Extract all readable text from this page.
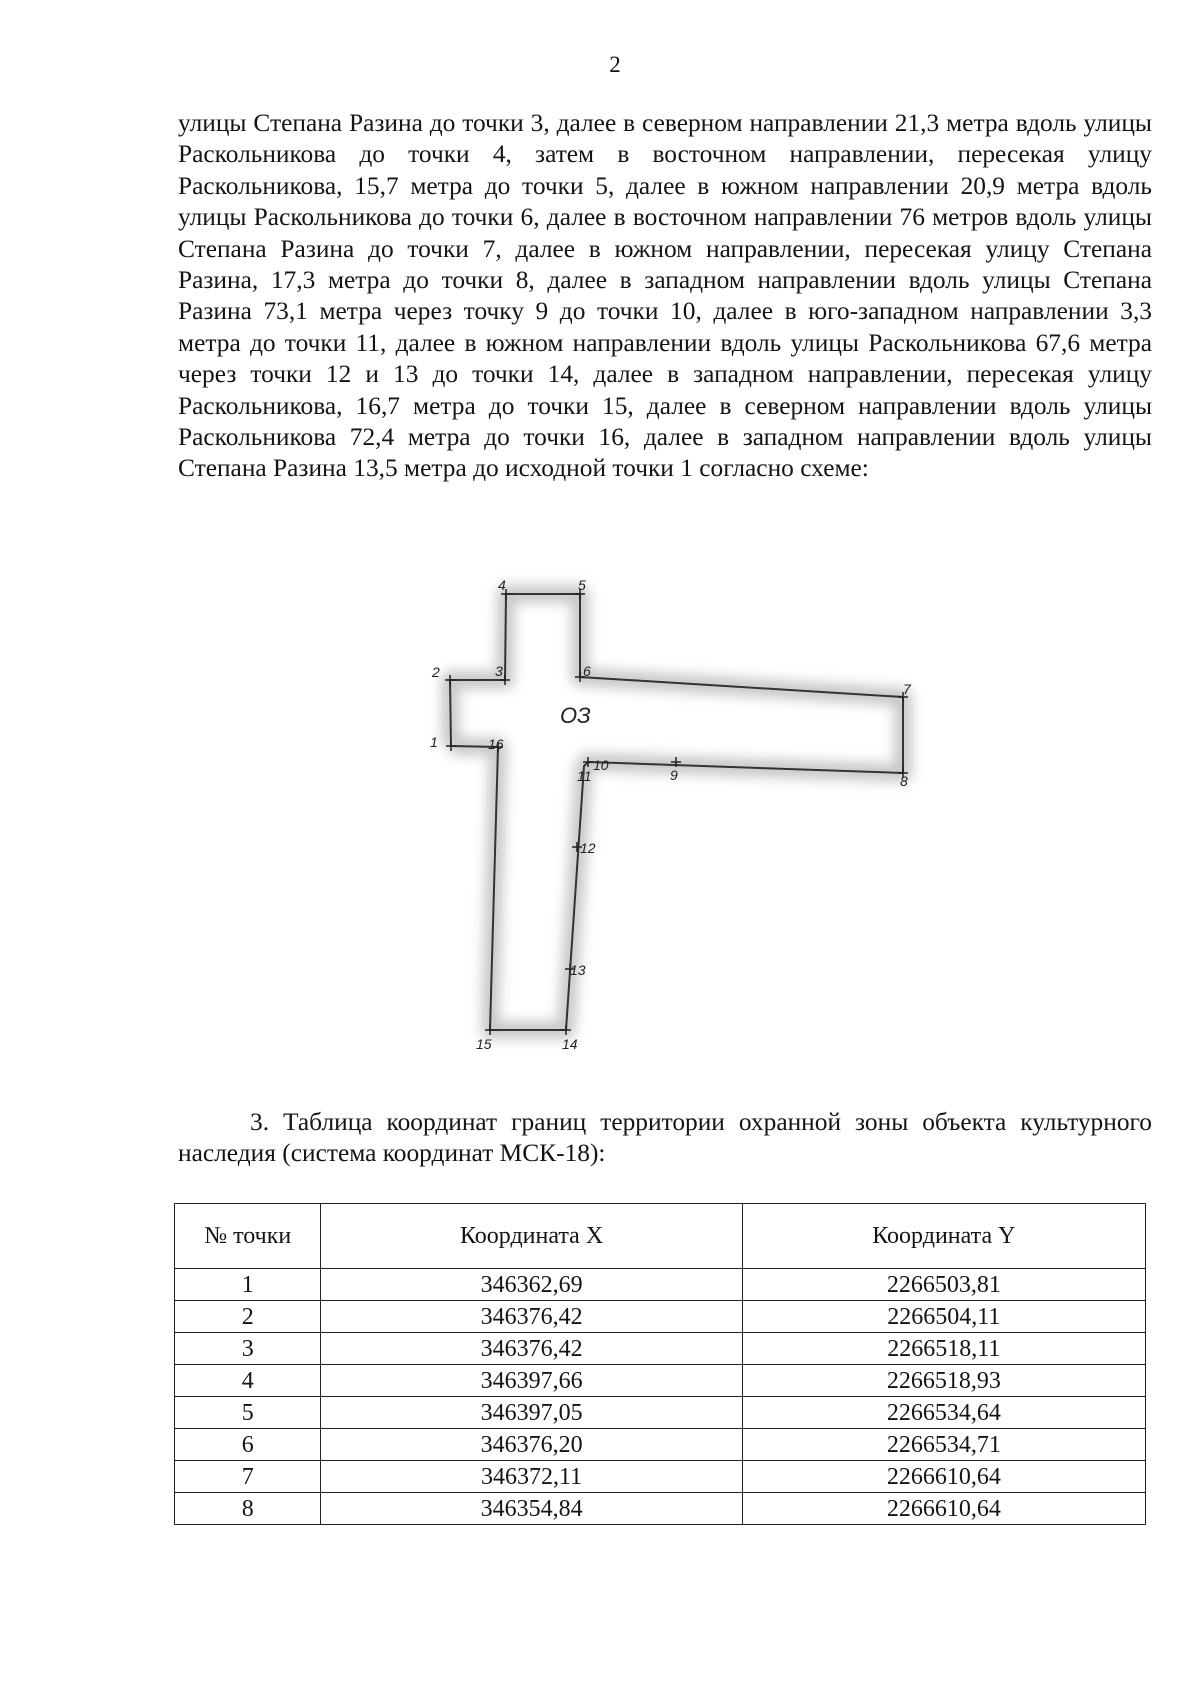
2

улицы Степана Разина до точки 3, далее в северном направлении 21,3 метра вдоль улицы Раскольникова до точки 4, затем в восточном направлении, пересекая улицу Раскольникова, 15,7 метра до точки 5, далее в южном направлении 20,9 метра вдоль улицы Раскольникова до точки 6, далее в восточном направлении 76 метров вдоль улицы Степана Разина до точки 7, далее в южном направлении, пересекая улицу Степана Разина, 17,3 метра до точки 8, далее в западном направлении вдоль улицы Степана Разина 73,1 метра через точку 9 до точки 10, далее в юго-западном направлении 3,3 метра до точки 11, далее в южном направлении вдоль улицы Раскольникова 67,6 метра через точки 12 и 13 до точки 14, далее в западном направлении, пересекая улицу Раскольникова, 16,7 метра до точки 15, далее в северном направлении вдоль улицы Раскольникова 72,4 метра до точки 16, далее в западном направлении вдоль улицы Степана Разина 13,5 метра до исходной точки 1 согласно схеме:

ОЗ
1
2	3
4	5
6
7
8
9
10
11
12
13
14
15
16

3. Таблица координат границ территории охранной зоны объекта культурного наследия (система координат МСК-18):

№ точки	Координата X	Координата Y
1	346362,69	2266503,81
2	346376,42	2266504,11
3	346376,42	2266518,11
4	346397,66	2266518,93
5	346397,05	2266534,64
6	346376,20	2266534,71
7	346372,11	2266610,64
8	346354,84	2266610,64
